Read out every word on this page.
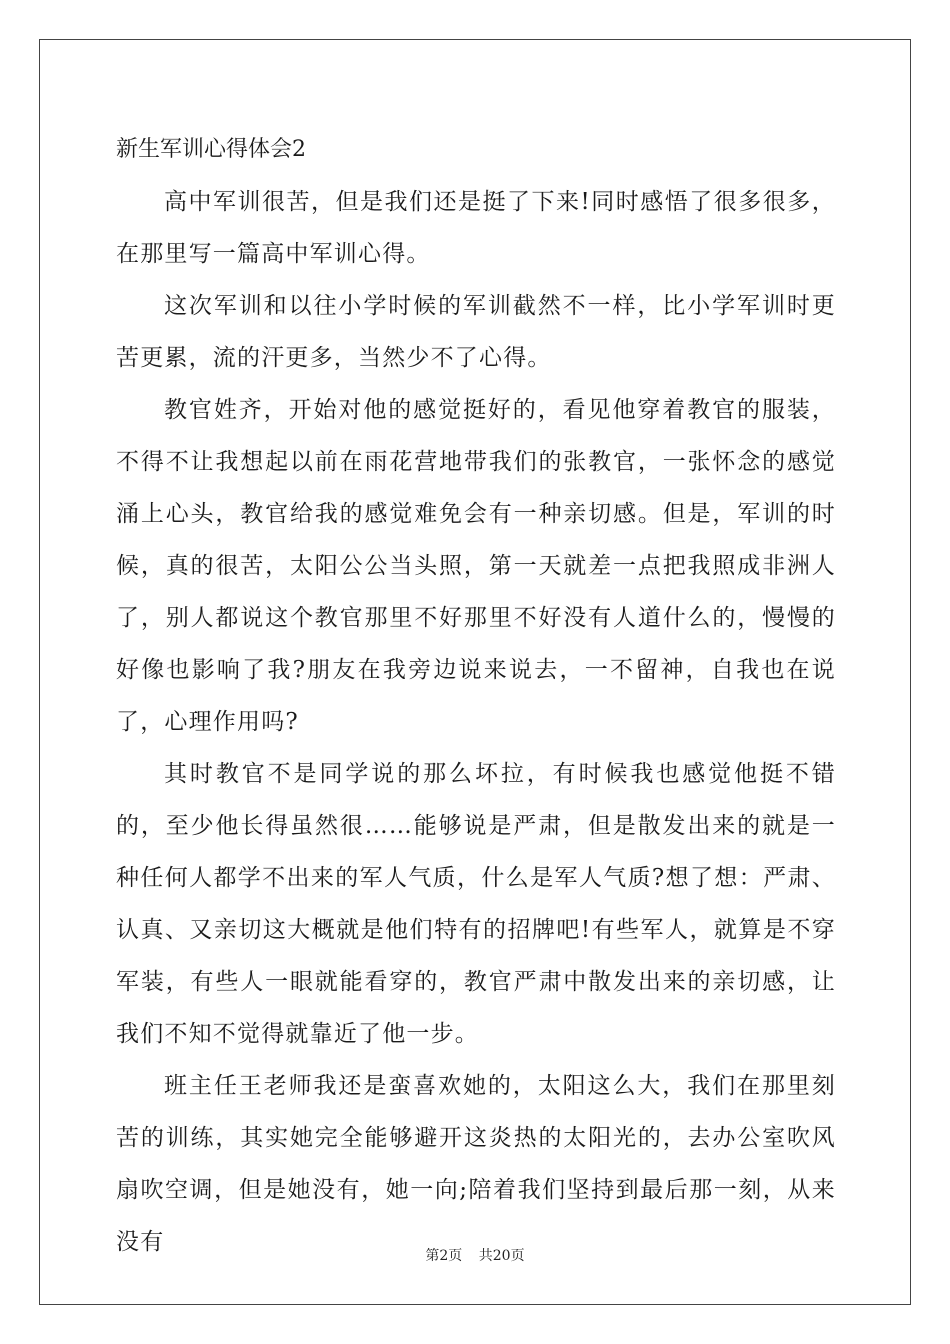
新生军训心得体会2

高中军训很苦，但是我们还是挺了下来!同时感悟了很多很多，在那里写一篇高中军训心得。

这次军训和以往小学时候的军训截然不一样，比小学军训时更苦更累，流的汗更多，当然少不了心得。

教官姓齐，开始对他的感觉挺好的，看见他穿着教官的服装，不得不让我想起以前在雨花营地带我们的张教官，一张怀念的感觉涌上心头，教官给我的感觉难免会有一种亲切感。但是，军训的时候，真的很苦，太阳公公当头照，第一天就差一点把我照成非洲人了，别人都说这个教官那里不好那里不好没有人道什么的，慢慢的好像也影响了我?朋友在我旁边说来说去，一不留神，自我也在说了，心理作用吗?

其时教官不是同学说的那么坏拉，有时候我也感觉他挺不错的，至少他长得虽然很……能够说是严肃，但是散发出来的就是一种任何人都学不出来的军人气质，什么是军人气质?想了想：严肃、认真、又亲切这大概就是他们特有的招牌吧!有些军人，就算是不穿军装，有些人一眼就能看穿的，教官严肃中散发出来的亲切感，让我们不知不觉得就靠近了他一步。

班主任王老师我还是蛮喜欢她的，太阳这么大，我们在那里刻苦的训练，其实她完全能够避开这炎热的太阳光的，去办公室吹风扇吹空调，但是她没有，她一向;陪着我们坚持到最后那一刻，从来没有

第2页 共20页
